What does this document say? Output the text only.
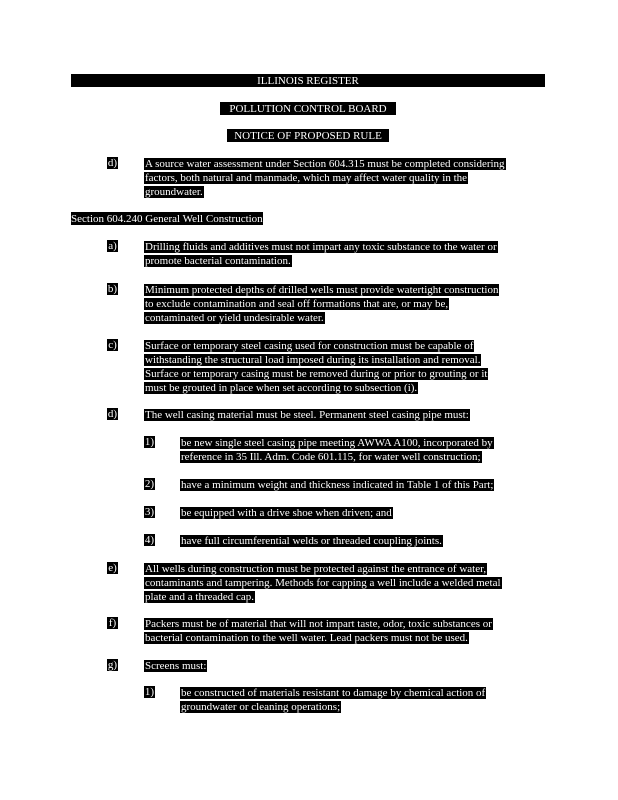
ILLINOIS REGISTER
POLLUTION CONTROL BOARD
NOTICE OF PROPOSED RULE
d)	A source water assessment under Section 604.315 must be completed considering
factors, both natural and manmade, which may affect water quality in the
groundwater.
Section 604.240 General Well Construction
a)	Drilling fluids and additives must not impart any toxic substance to the water or
promote bacterial contamination.
b)	Minimum protected depths of drilled wells must provide watertight construction
to exclude contamination and seal off formations that are, or may be,
contaminated or yield undesirable water.
c)	Surface or temporary steel casing used for construction must be capable of
withstanding the structural load imposed during its installation and removal.
Surface or temporary casing must be removed during or prior to grouting or it
must be grouted in place when set according to subsection (i).
d)	The well casing material must be steel. Permanent steel casing pipe must:
1) be new single steel casing pipe meeting AWWA A100, incorporated by
reference in 35 Ill. Adm. Code 601.115, for water well construction;
2) have a minimum weight and thickness indicated in Table 1 of this Part;
3) be equipped with a drive shoe when driven; and
4) have full circumferential welds or threaded coupling joints.
e)	All wells during construction must be protected against the entrance of water,
contaminants and tampering. Methods for capping a well include a welded metal
plate and a threaded cap.
f)	Packers must be of material that will not impart taste, odor, toxic substances or
bacterial contamination to the well water. Lead packers must not be used.
g)	Screens must:
1) be constructed of materials resistant to damage by chemical action of
groundwater or cleaning operations;
